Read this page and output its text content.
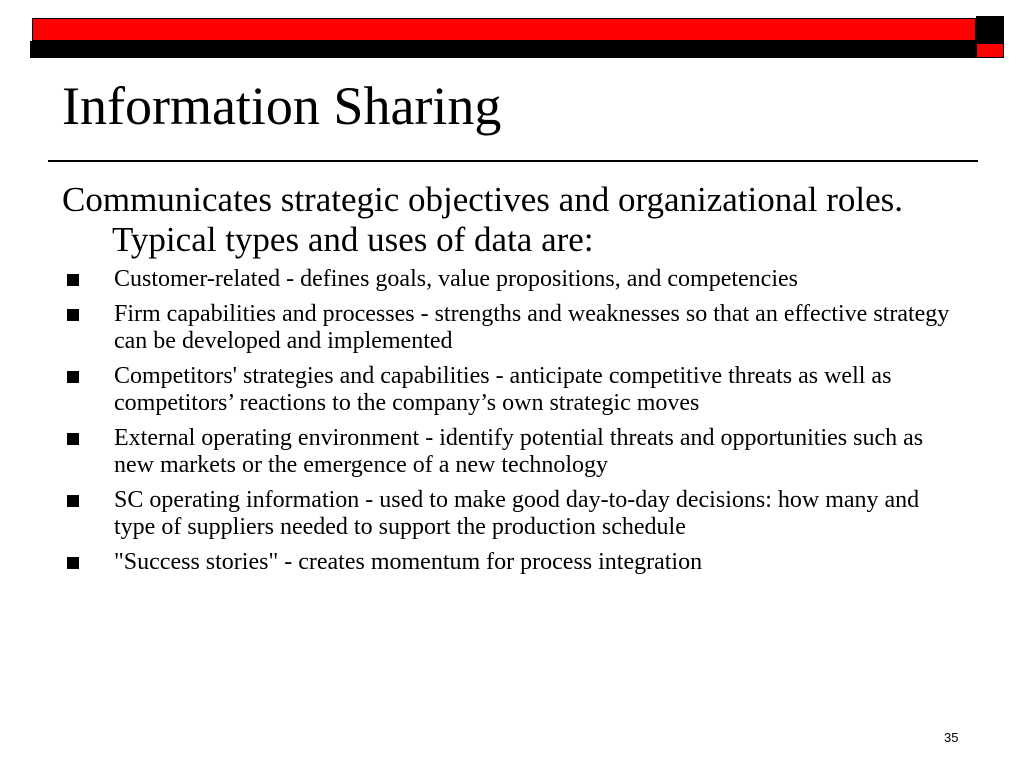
Information Sharing

Communicates strategic objectives and organizational roles. Typical types and uses of data are:

Customer-related - defines goals, value propositions, and competencies
Firm capabilities and processes - strengths and weaknesses so that an effective strategy can be developed and implemented
Competitors' strategies and capabilities - anticipate competitive threats as well as competitors’ reactions to the company’s own strategic moves
External operating environment - identify potential threats and opportunities such as new markets or the emergence of a new technology
SC operating information - used to make good day-to-day decisions: how many and type of suppliers needed to support the production schedule
"Success stories" - creates momentum for process integration
35
